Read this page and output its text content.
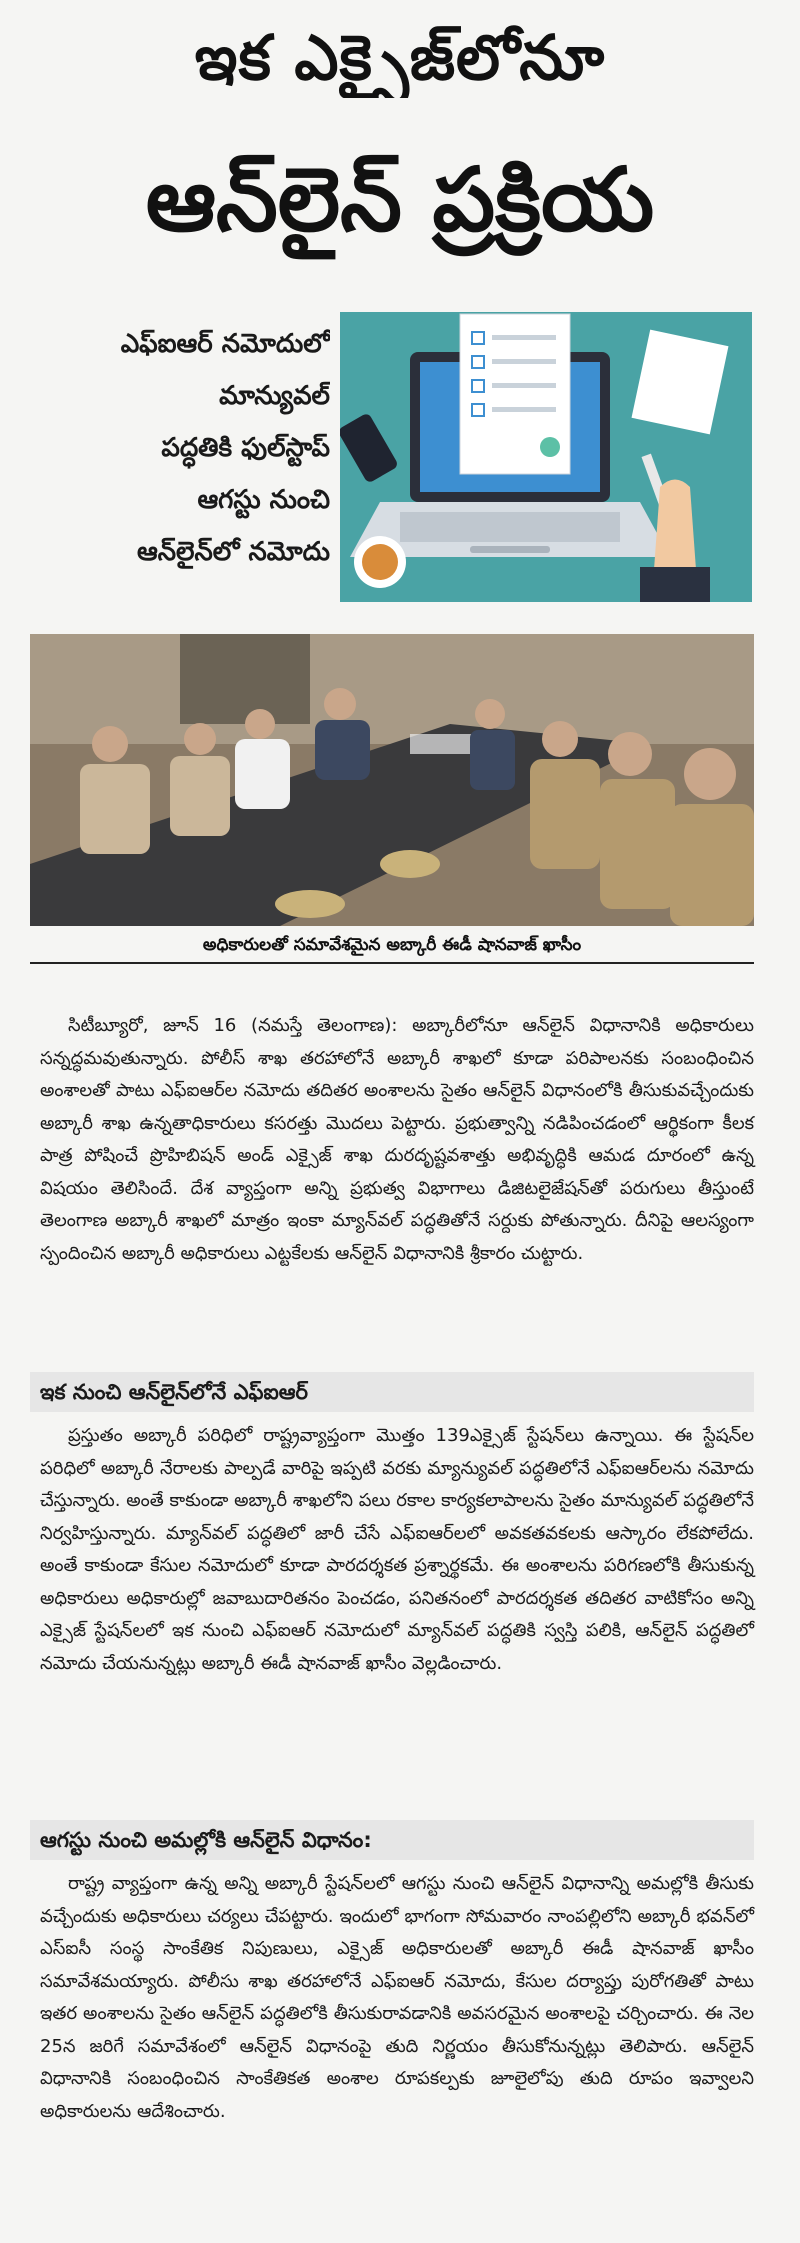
ఇక ఎక్సైజ్‌లోనూ
ఆన్‌లైన్ ప్రక్రియ
ఎఫ్‌ఐఆర్ నమోదులో
మాన్యువల్
పద్ధతికి ఫుల్‌స్టాప్
ఆగస్టు నుంచి
ఆన్‌లైన్‌లో నమోదు
అధికారులతో సమావేశమైన అబ్కారీ ఈడీ షానవాజ్ ఖాసీం
సిటీబ్యూరో, జూన్ 16 (నమస్తే తెలంగాణ): అబ్కారీలోనూ ఆన్‌లైన్ విధానానికి అధికారులు సన్నద్ధమవుతున్నారు. పోలీస్ శాఖ తరహాలోనే అబ్కారీ శాఖలో కూడా పరిపాలనకు సంబంధించిన అంశాలతో పాటు ఎఫ్‌ఐఆర్‌ల నమోదు తదితర అంశాలను సైతం ఆన్‌లైన్ విధానంలోకి తీసుకువచ్చేందుకు అబ్కారీ శాఖ ఉన్నతాధికారులు కసరత్తు మొదలు పెట్టారు. ప్రభుత్వాన్ని నడిపించడంలో ఆర్థికంగా కీలక పాత్ర పోషించే ప్రొహిబిషన్ అండ్ ఎక్సైజ్ శాఖ దురదృష్టవశాత్తు అభివృద్ధికి ఆమడ దూరంలో ఉన్న విషయం తెలిసిందే. దేశ వ్యాప్తంగా అన్ని ప్రభుత్వ విభాగాలు డిజిటలైజేషన్‌తో పరుగులు తీస్తుంటే తెలంగాణ అబ్కారీ శాఖలో మాత్రం ఇంకా మ్యాన్‌వల్ పద్ధతితోనే సర్దుకు పోతున్నారు. దీనిపై ఆలస్యంగా స్పందించిన అబ్కారీ అధికారులు ఎట్టకేలకు ఆన్‌లైన్ విధానానికి శ్రీకారం చుట్టారు.
ఇక నుంచి ఆన్‌లైన్‌లోనే ఎఫ్‌ఐఆర్
ప్రస్తుతం అబ్కారీ పరిధిలో రాష్ట్రవ్యాప్తంగా మొత్తం 139ఎక్సైజ్ స్టేషన్‌లు ఉన్నాయి. ఈ స్టేషన్‌ల పరిధిలో అబ్కారీ నేరాలకు పాల్పడే వారిపై ఇప్పటి వరకు మ్యాన్యువల్ పద్ధతిలోనే ఎఫ్‌ఐఆర్‌లను నమోదు చేస్తున్నారు. అంతే కాకుండా అబ్కారీ శాఖలోని పలు రకాల కార్యకలాపాలను సైతం మాన్యువల్ పద్ధతిలోనే నిర్వహిస్తున్నారు. మ్యాన్‌వల్ పద్ధతిలో జారీ చేసే ఎఫ్‌ఐఆర్‌లలో అవకతవకలకు ఆస్కారం లేకపోలేదు. అంతే కాకుండా కేసుల నమోదులో కూడా పారదర్శకత ప్రశ్నార్థకమే. ఈ అంశాలను పరిగణలోకి తీసుకున్న అధికారులు అధికారుల్లో జవాబుదారితనం పెంచడం, పనితనంలో పారదర్శకత తదితర వాటికోసం అన్ని ఎక్సైజ్ స్టేషన్‌లలో ఇక నుంచి ఎఫ్‌ఐఆర్ నమోదులో మ్యాన్‌వల్ పద్ధతికి స్వస్తి పలికి, ఆన్‌లైన్ పద్ధతిలో నమోదు చేయనున్నట్లు అబ్కారీ ఈడీ షానవాజ్ ఖాసీం వెల్లడించారు.
ఆగస్టు నుంచి అమల్లోకి ఆన్‌లైన్ విధానం:
రాష్ట్ర వ్యాప్తంగా ఉన్న అన్ని అబ్కారీ స్టేషన్‌లలో ఆగస్టు నుంచి ఆన్‌లైన్ విధానాన్ని అమల్లోకి తీసుకు వచ్చేందుకు అధికారులు చర్యలు చేపట్టారు. ఇందులో భాగంగా సోమవారం నాంపల్లిలోని అబ్కారీ భవన్‌లో ఎస్‌ఐసీ సంస్థ సాంకేతిక నిపుణులు, ఎక్సైజ్ అధికారులతో అబ్కారీ ఈడీ షానవాజ్ ఖాసీం సమావేశమయ్యారు. పోలీసు శాఖ తరహాలోనే ఎఫ్‌ఐఆర్ నమోదు, కేసుల దర్యాప్తు పురోగతితో పాటు ఇతర అంశాలను సైతం ఆన్‌లైన్ పద్ధతిలోకి తీసుకురావడానికి అవసరమైన అంశాలపై చర్చించారు. ఈ నెల 25న జరిగే సమావేశంలో ఆన్‌లైన్ విధానంపై తుది నిర్ణయం తీసుకోనున్నట్లు తెలిపారు. ఆన్‌లైన్ విధానానికి సంబంధించిన సాంకేతికత అంశాల రూపకల్పకు జూలైలోపు తుది రూపం ఇవ్వాలని అధికారులను ఆదేశించారు.
